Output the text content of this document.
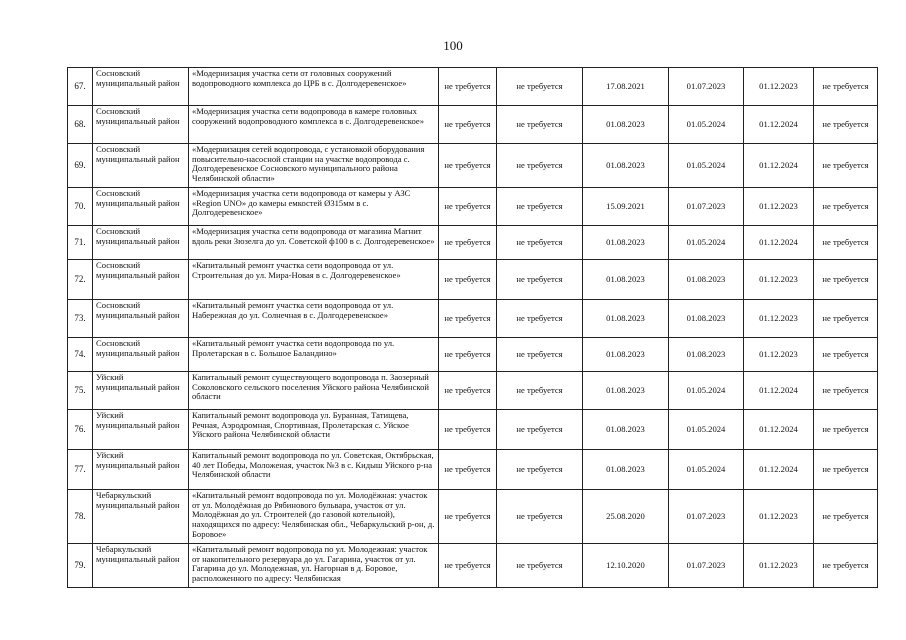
100
67.	Сосновский муниципальный район	«Модернизация участка сети от головных сооружений водопроводного комплекса до ЦРБ в с. Долгодеревенское»	не требуется	не требуется	17.08.2021	01.07.2023	01.12.2023	не требуется
68.	Сосновский муниципальный район	«Модернизация участка сети водопровода в камере головных сооружений водопроводного комплекса в с. Долгодеревенское»	не требуется	не требуется	01.08.2023	01.05.2024	01.12.2024	не требуется
69.	Сосновский муниципальный район	«Модернизация сетей водопровода, с установкой оборудования повысительно-насосной станции на участке водопровода с. Долгодеревенское Сосновского муниципального района Челябинской области»	не требуется	не требуется	01.08.2023	01.05.2024	01.12.2024	не требуется
70.	Сосновский муниципальный район	«Модернизация участка сети водопровода от камеры у АЗС «Region UNO» до камеры емкостей Ø315мм в с. Долгодеревенское»	не требуется	не требуется	15.09.2021	01.07.2023	01.12.2023	не требуется
71.	Сосновский муниципальный район	«Модернизация участка сети водопровода от магазина Магнит вдоль реки Зюзелга до ул. Советской ф100 в с. Долгодеревенское»	не требуется	не требуется	01.08.2023	01.05.2024	01.12.2024	не требуется
72.	Сосновский муниципальный район	«Капитальный ремонт участка сети водопровода от ул. Строительная до ул. Мира-Новая в с. Долгодеревенское»	не требуется	не требуется	01.08.2023	01.08.2023	01.12.2023	не требуется
73.	Сосновский муниципальный район	«Капитальный ремонт участка сети водопровода от ул. Набережная до ул. Солнечная в с. Долгодеревенское»	не требуется	не требуется	01.08.2023	01.08.2023	01.12.2023	не требуется
74.	Сосновский муниципальный район	«Капитальный ремонт участка сети водопровода по ул. Пролетарская в с. Большое Баландино»	не требуется	не требуется	01.08.2023	01.08.2023	01.12.2023	не требуется
75.	Уйский муниципальный район	Капитальный ремонт существующего водопровода п. Заозерный Соколовского сельского поселения Уйского района Челябинской области	не требуется	не требуется	01.08.2023	01.05.2024	01.12.2024	не требуется
76.	Уйский муниципальный район	Капитальный ремонт водопровода ул. Буранная, Татищева, Речная, Аэродромная, Спортивная, Пролетарская с. Уйское Уйского района Челябинской области	не требуется	не требуется	01.08.2023	01.05.2024	01.12.2024	не требуется
77.	Уйский муниципальный район	Капитальный ремонт водопровода по ул. Советская, Октябрьская, 40 лет Победы, Моложеная, участок №3 в с. Кидыш Уйского р-на Челябинской области	не требуется	не требуется	01.08.2023	01.05.2024	01.12.2024	не требуется
78.	Чебаркульский муниципальный район	«Капитальный ремонт водопровода по ул. Молодёжная: участок от ул. Молодёжная до Рябинового бульвара, участок от ул. Молодёжная до ул. Строителей (до газовой котельной), находящихся по адресу: Челябинская обл., Чебаркульский р-он, д. Боровое»	не требуется	не требуется	25.08.2020	01.07.2023	01.12.2023	не требуется
79.	Чебаркульский муниципальный район	«Капитальный ремонт водопровода по ул. Молодежная: участок от накопительного резервуара до ул. Гагарина, участок от ул. Гагарина до ул. Молодежная, ул. Нагорная в д. Боровое, расположенного по адресу: Челябинская	не требуется	не требуется	12.10.2020	01.07.2023	01.12.2023	не требуется
